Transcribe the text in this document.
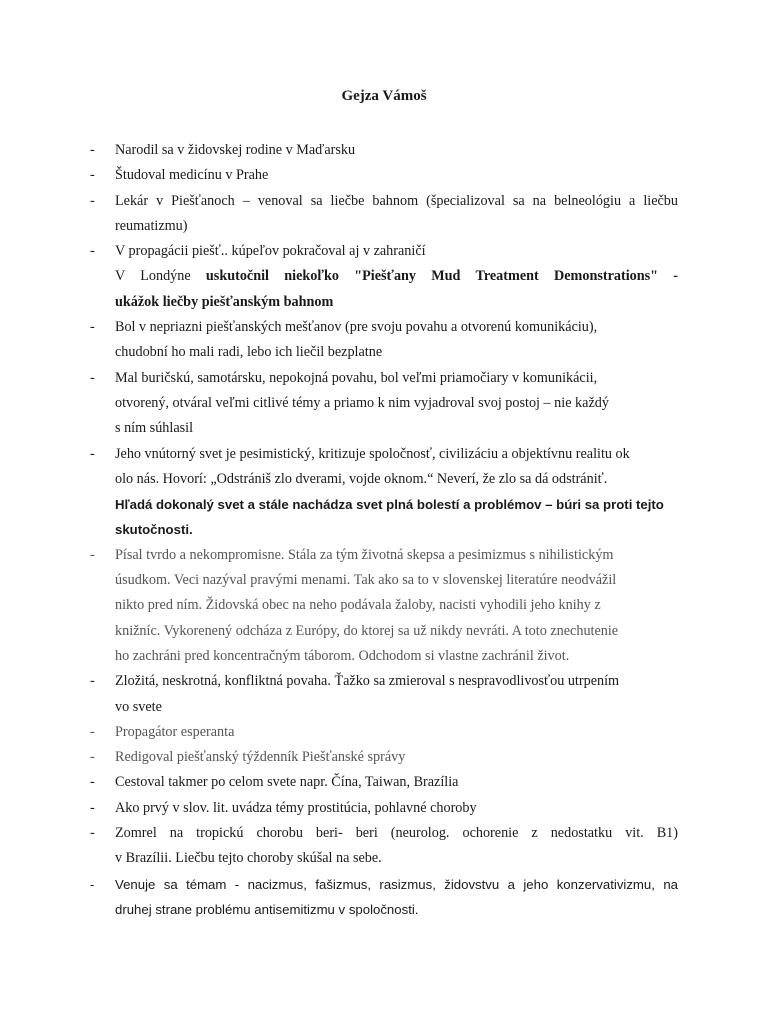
Gejza Vámoš
- Narodil sa v židovskej rodine v Maďarsku
- Študoval medicínu v Prahe
- Lekár v Piešťanoch – venoval sa liečbe bahnom (špecializoval sa na belneológiu a liečbu
reumatizmu)
- V propagácii piešť.. kúpeľov pokračoval aj v zahraničí
V Londýne uskutočnil niekoľko "Piešťany Mud Treatment Demonstrations" -
ukážok liečby piešťanským bahnom
- Bol v nepriazni piešťanských mešťanov (pre svoju povahu a otvorenú komunikáciu),
chudobní ho mali radi, lebo ich liečil bezplatne
- Mal buričskú, samotársku, nepokojná povahu, bol veľmi priamočiary v komunikácii,
otvorený, otváral veľmi citlivé témy a priamo k nim vyjadroval svoj postoj – nie každý
s ním súhlasil
- Jeho vnútorný svet je pesimistický, kritizuje spoločnosť, civilizáciu a objektívnu realitu ok
olo nás. Hovorí: „Odstrániš zlo dverami, vojde oknom.“ Neverí, že zlo sa dá odstrániť.
Hľadá dokonalý svet a stále nachádza svet plná bolestí a problémov – búri sa proti tejto
skutočnosti.
- Písal tvrdo a nekompromisne. Stála za tým životná skepsa a pesimizmus s nihilistickým
úsudkom. Veci nazýval pravými menami. Tak ako sa to v slovenskej literatúre neodvážil
nikto pred ním. Židovská obec na neho podávala žaloby, nacisti vyhodili jeho knihy z
knižníc. Vykorenený odcháza z Európy, do ktorej sa už nikdy nevráti. A toto znechutenie
ho zachráni pred koncentračným táborom. Odchodom si vlastne zachránil život.
- Zložitá, neskrotná, konfliktná povaha. Ťažko sa zmieroval s nespravodlivosťou utrpením
vo svete
- Propagátor esperanta
- Redigoval piešťanský týždenník Piešťanské správy
- Cestoval takmer po celom svete napr. Čína, Taiwan, Brazília
- Ako prvý v slov. lit. uvádza témy prostitúcia, pohlavné choroby
- Zomrel na tropickú chorobu beri- beri (neurolog. ochorenie z nedostatku vit. B1)
v Brazílii. Liečbu tejto choroby skúšal na sebe.
- Venuje sa témam - nacizmus, fašizmus, rasizmus, židovstvu a jeho konzervativizmu, na
druhej strane problému antisemitizmu v spoločnosti.
